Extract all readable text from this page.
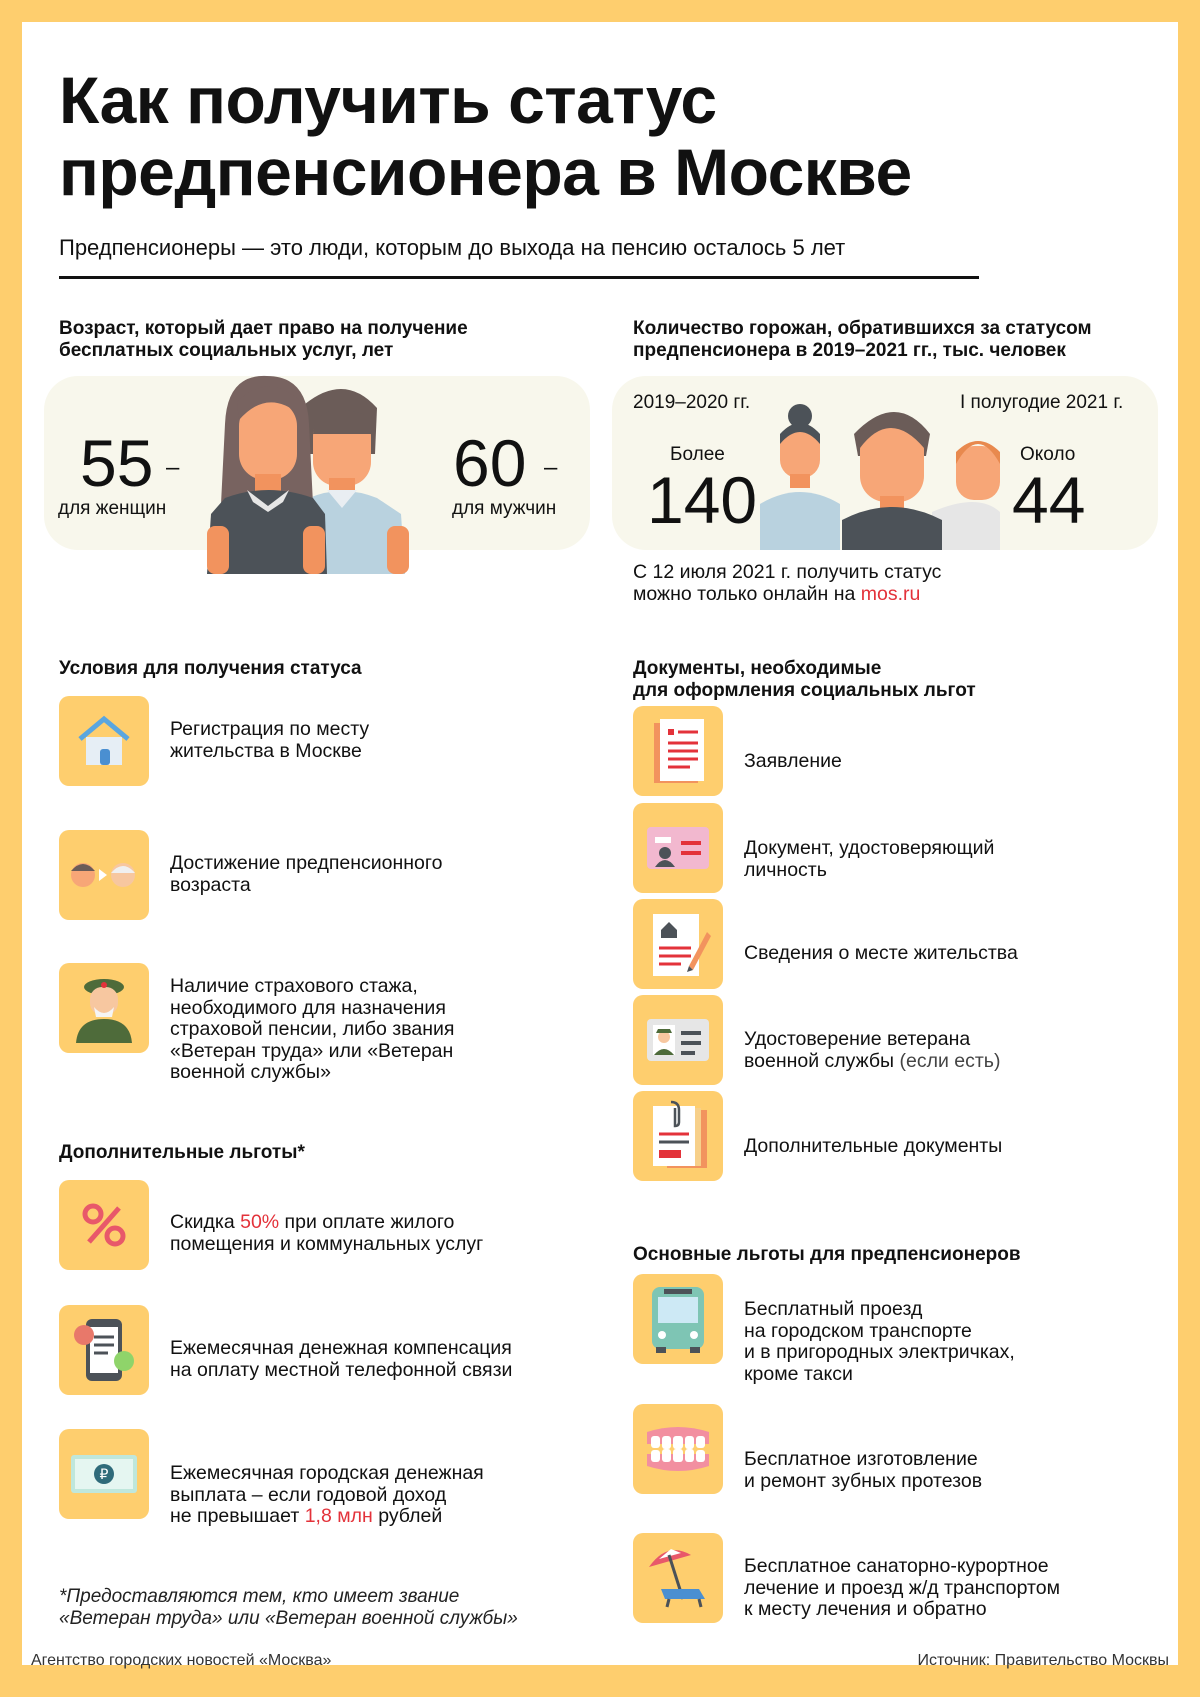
Как получить статус
предпенсионера в Москве
Предпенсионеры — это люди, которым до выхода на пенсию осталось 5 лет
Возраст, который дает право на получение
бесплатных социальных услуг, лет
55 –
для женщин
60 –
для мужчин
Количество горожан, обратившихся за статусом
предпенсионера в 2019–2021 гг., тыс. человек
2019–2020 гг.	I полугодие 2021 г.
Более
140
Около
44
С 12 июля 2021 г. получить статус
можно только онлайн на mos.ru
Условия для получения статуса
Регистрация по месту
жительства в Москве
Достижение предпенсионного
возраста
Наличие страхового стажа,
необходимого для назначения
страховой пенсии, либо звания
«Ветеран труда» или «Ветеран
военной службы»
Дополнительные льготы*
Скидка 50% при оплате жилого
помещения и коммунальных услуг
Ежемесячная денежная компенсация
на оплату местной телефонной связи
₽	Ежемесячная городская денежная
выплата – если годовой доход
не превышает 1,8 млн рублей
*Предоставляются тем, кто имеет звание
«Ветеран труда» или «Ветеран военной службы»
Документы, необходимые
для оформления социальных льгот
Заявление
Документ, удостоверяющий
личность
Сведения о месте жительства
Удостоверение ветерана
военной службы (если есть)
Дополнительные документы
Основные льготы для предпенсионеров
Бесплатный проезд
на городском транспорте
и в пригородных электричках,
кроме такси
Бесплатное изготовление
и ремонт зубных протезов
Бесплатное санаторно-курортное
лечение и проезд ж/д транспортом
к месту лечения и обратно
Агентство городских новостей «Москва»	Источник: Правительство Москвы
